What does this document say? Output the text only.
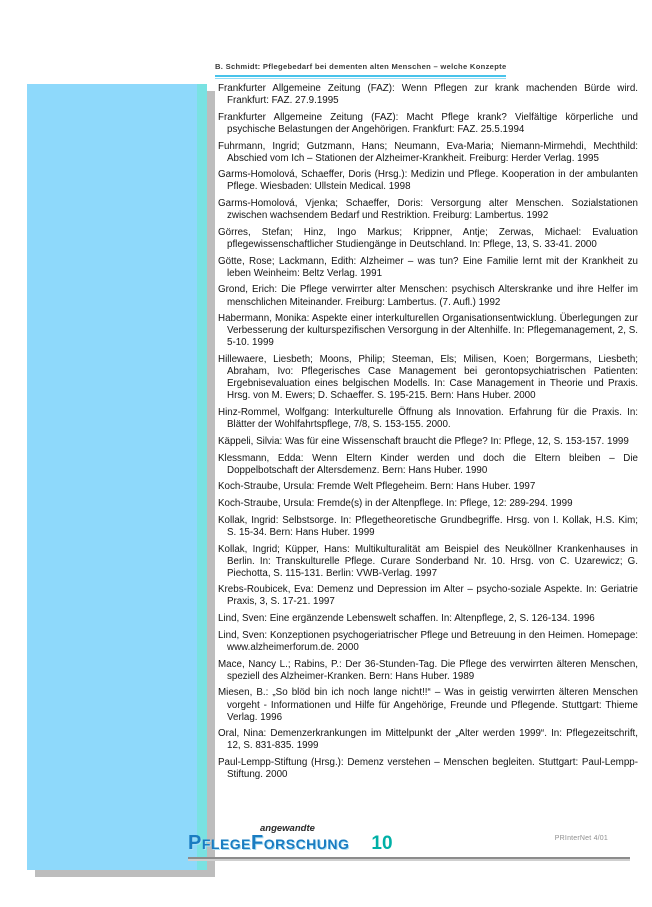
B. Schmidt: Pflegebedarf bei dementen alten Menschen – welche Konzepte

Frankfurter Allgemeine Zeitung (FAZ): Wenn Pflegen zur krank machenden Bürde wird. Frankfurt: FAZ. 27.9.1995

Frankfurter Allgemeine Zeitung (FAZ): Macht Pflege krank? Vielfältige körperliche und psychische Belastungen der Angehörigen. Frankfurt: FAZ. 25.5.1994

Fuhrmann, Ingrid; Gutzmann, Hans; Neumann, Eva-Maria; Niemann-Mirmehdi, Mechthild: Abschied vom Ich – Stationen der Alzheimer-Krankheit. Freiburg: Herder Verlag. 1995

Garms-Homolová, Schaeffer, Doris (Hrsg.): Medizin und Pflege. Kooperation in der ambulanten Pflege. Wiesbaden: Ullstein Medical. 1998

Garms-Homolová, Vjenka; Schaeffer, Doris: Versorgung alter Menschen. Sozialstationen zwischen wachsendem Bedarf und Restriktion. Freiburg: Lambertus. 1992

Görres, Stefan; Hinz, Ingo Markus; Krippner, Antje; Zerwas, Michael: Evaluation pflegewissenschaftlicher Studiengänge in Deutschland. In: Pflege, 13, S. 33-41. 2000

Götte, Rose; Lackmann, Edith: Alzheimer – was tun? Eine Familie lernt mit der Krankheit zu leben Weinheim: Beltz Verlag. 1991

Grond, Erich: Die Pflege verwirrter alter Menschen: psychisch Alterskranke und ihre Helfer im menschlichen Miteinander. Freiburg: Lambertus. (7. Aufl.) 1992

Habermann, Monika: Aspekte einer interkulturellen Organisationsentwicklung. Überlegungen zur Verbesserung der kulturspezifischen Versorgung in der Altenhilfe. In: Pflegemanagement, 2, S. 5-10. 1999

Hillewaere, Liesbeth; Moons, Philip; Steeman, Els; Milisen, Koen; Borgermans, Liesbeth; Abraham, Ivo: Pflegerisches Case Management bei gerontopsychiatrischen Patienten: Ergebnisevaluation eines belgischen Modells. In: Case Management in Theorie und Praxis. Hrsg. von M. Ewers; D. Schaeffer. S. 195-215. Bern: Hans Huber. 2000

Hinz-Rommel, Wolfgang: Interkulturelle Öffnung als Innovation. Erfahrung für die Praxis. In: Blätter der Wohlfahrtspflege, 7/8, S. 153-155. 2000.

Käppeli, Silvia: Was für eine Wissenschaft braucht die Pflege? In: Pflege, 12, S. 153-157. 1999

Klessmann, Edda: Wenn Eltern Kinder werden und doch die Eltern bleiben – Die Doppelbotschaft der Altersdemenz. Bern: Hans Huber. 1990

Koch-Straube, Ursula: Fremde Welt Pflegeheim. Bern: Hans Huber. 1997

Koch-Straube, Ursula: Fremde(s) in der Altenpflege. In: Pflege, 12: 289-294. 1999

Kollak, Ingrid: Selbstsorge. In: Pflegetheoretische Grundbegriffe. Hrsg. von I. Kollak, H.S. Kim; S. 15-34. Bern: Hans Huber. 1999

Kollak, Ingrid; Küpper, Hans: Multikulturalität am Beispiel des Neuköllner Krankenhauses in Berlin. In: Transkulturelle Pflege. Curare Sonderband Nr. 10. Hrsg. von C. Uzarewicz; G. Piechotta, S. 115-131. Berlin: VWB-Verlag. 1997

Krebs-Roubicek, Eva: Demenz und Depression im Alter – psycho-soziale Aspekte. In: Geriatrie Praxis, 3, S. 17-21. 1997

Lind, Sven: Eine ergänzende Lebenswelt schaffen. In: Altenpflege, 2, S. 126-134. 1996

Lind, Sven: Konzeptionen psychogeriatrischer Pflege und Betreuung in den Heimen. Homepage: www.alzheimerforum.de. 2000

Mace, Nancy L.; Rabins, P.: Der 36-Stunden-Tag. Die Pflege des verwirrten älteren Menschen, speziell des Alzheimer-Kranken. Bern: Hans Huber. 1989

Miesen, B.: „So blöd bin ich noch lange nicht!!“ – Was in geistig verwirrten älteren Menschen vorgeht - Informationen und Hilfe für Angehörige, Freunde und Pflegende. Stuttgart: Thieme Verlag. 1996

Oral, Nina: Demenzerkrankungen im Mittelpunkt der „Alter werden 1999“. In: Pflegezeitschrift, 12, S. 831-835. 1999

Paul-Lempp-Stiftung (Hrsg.): Demenz verstehen – Menschen begleiten. Stuttgart: Paul-Lempp-Stiftung. 2000

angewandte
PflegeForschung 10	PRInterNet 4/01
